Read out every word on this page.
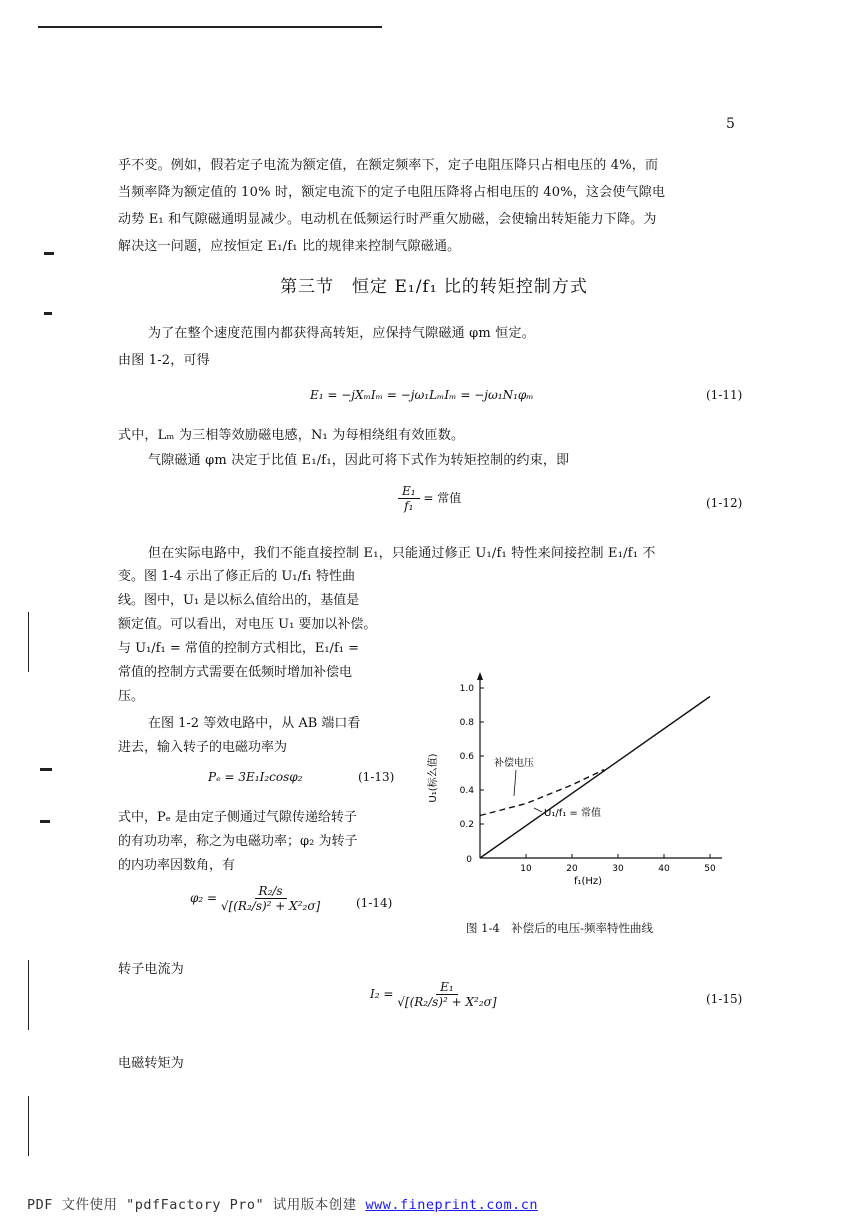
5
乎不变。例如，假若定子电流为额定值，在额定频率下，定子电阻压降只占相电压的 4%，而
当频率降为额定值的 10% 时，额定电流下的定子电阻压降将占相电压的 40%，这会使气隙电
动势 E₁ 和气隙磁通明显减少。电动机在低频运行时严重欠励磁，会使输出转矩能力下降。为
解决这一问题，应按恒定 E₁/f₁ 比的规律来控制气隙磁通。
第三节　恒定 E₁/f₁ 比的转矩控制方式
为了在整个速度范围内都获得高转矩，应保持气隙磁通 φm 恒定。
由图 1-2，可得
E₁ = −jXₘIₘ = −jω₁LₘIₘ = −jω₁N₁φₘ	(1-11)
式中，Lₘ 为三相等效励磁电感，N₁ 为每相绕组有效匝数。
气隙磁通 φm 决定于比值 E₁/f₁，因此可将下式作为转矩控制的约束，即
$\frac{\text{E₁}}{\text{f₁}}$ = 常值	(1-12)
但在实际电路中，我们不能直接控制 E₁，只能通过修正 U₁/f₁ 特性来间接控制 E₁/f₁ 不
变。图 1-4 示出了修正后的 U₁/f₁ 特性曲
线。图中，U₁ 是以标么值给出的，基值是
额定值。可以看出，对电压 U₁ 要加以补偿。
与 U₁/f₁ = 常值的控制方式相比，E₁/f₁ =
常值的控制方式需要在低频时增加补偿电
压。
在图 1-2 等效电路中，从 AB 端口看
进去，输入转子的电磁功率为
Pₑ = 3E₁I₂cosφ₂	(1-13)
式中，Pₑ 是由定子侧通过气隙传递给转子
的有功功率，称之为电磁功率；φ₂ 为转子
的内功率因数角，有
$\varphi_2 = \frac{\text{R₂/s}}{\text{√[(R₂/s)² + X²₂σ]}}$	(1-14)
转子电流为
$I_2 = \frac{\text{E₁}}{\text{√[(R₂/s)² + X²₂σ]}}$	(1-15)
电磁转矩为
0
0.2
0.4
0.6
0.8
1.0
10	20	30	40	50
U₁(标么值)
f₁(Hz)
补偿电压
U₁/f₁ = 常值
图 1-4　补偿后的电压-频率特性曲线
PDF 文件使用 "pdfFactory Pro" 试用版本创建 www.fineprint.com.cn
